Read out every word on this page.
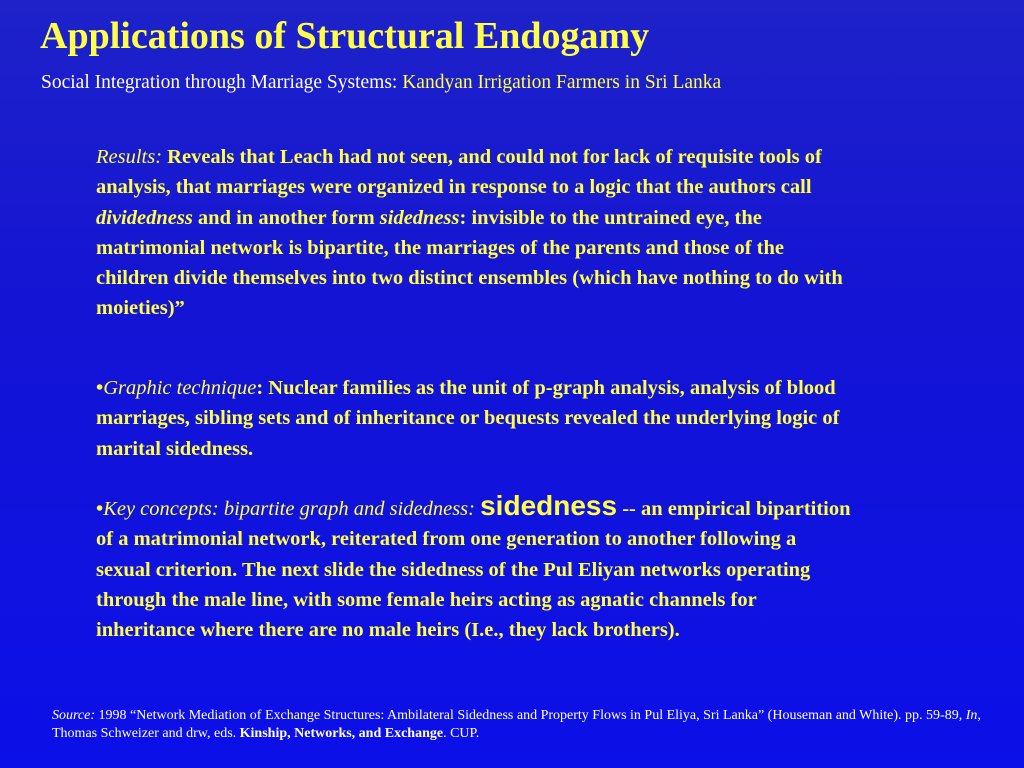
Applications of Structural Endogamy
Social Integration through Marriage Systems: Kandyan Irrigation Farmers in Sri Lanka
Results: Reveals that Leach had not seen, and could not for lack of requisite tools of analysis, that marriages were organized in response to a logic that the authors call dividedness and in another form sidedness: invisible to the untrained eye, the matrimonial network is bipartite, the marriages of the parents and those of the children divide themselves into two distinct ensembles (which have nothing to do with moieties)”
•Graphic technique: Nuclear families as the unit of p-graph analysis, analysis of blood marriages, sibling sets and of inheritance or bequests revealed the underlying logic of marital sidedness.
•Key concepts: bipartite graph and sidedness: sidedness -- an empirical bipartition of a matrimonial network, reiterated from one generation to another following a sexual criterion. The next slide the sidedness of the Pul Eliyan networks operating through the male line, with some female heirs acting as agnatic channels for inheritance where there are no male heirs (I.e., they lack brothers).
Source: 1998 “Network Mediation of Exchange Structures: Ambilateral Sidedness and Property Flows in Pul Eliya, Sri Lanka” (Houseman and White). pp. 59-89, In, Thomas Schweizer and drw, eds. Kinship, Networks, and Exchange. CUP.
